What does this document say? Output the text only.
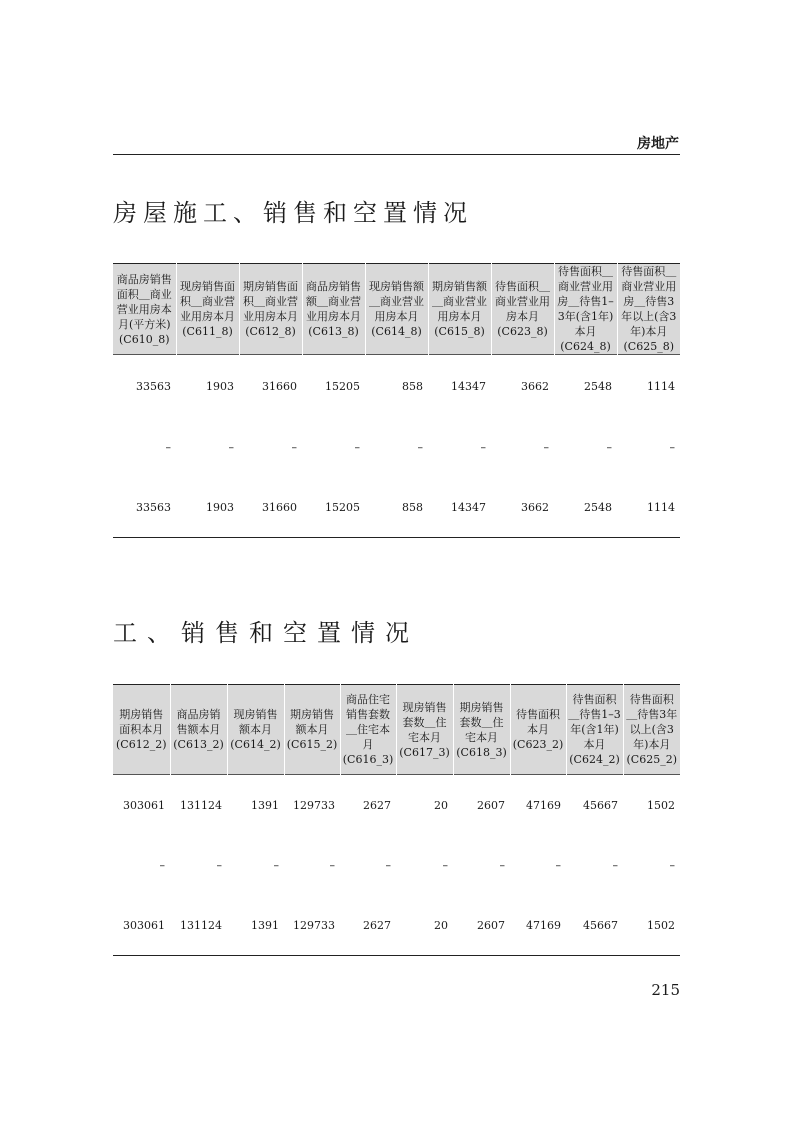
房地产
房屋施工、销售和空置情况
商品房销售面积＿商业营业用房本月(平方米)(C610_8)	现房销售面积＿商业营业用房本月(C611_8)	期房销售面积＿商业营业用房本月(C612_8)	商品房销售额＿商业营业用房本月(C613_8)	现房销售额＿商业营业用房本月(C614_8)	期房销售额＿商业营业用房本月(C615_8)	待售面积＿商业营业用房本月(C623_8)	待售面积＿商业营业用房＿待售1–3年(含1年)本月(C624_8)	待售面积＿商业营业用房＿待售3年以上(含3年)本月(C625_8)
33563	1903	31660	15205	858	14347	3662	2548	1114
–	–	–	–	–	–	–	–	–
33563	1903	31660	15205	858	14347	3662	2548	1114
工、销售和空置情况
期房销售面积本月(C612_2)	商品房销售额本月(C613_2)	现房销售额本月(C614_2)	期房销售额本月(C615_2)	商品住宅销售套数＿住宅本月(C616_3)	现房销售套数＿住宅本月(C617_3)	期房销售套数＿住宅本月(C618_3)	待售面积本月(C623_2)	待售面积＿待售1–3年(含1年)本月(C624_2)	待售面积＿待售3年以上(含3年)本月(C625_2)
303061	131124	1391	129733	2627	20	2607	47169	45667	1502
–	–	–	–	–	–	–	–	–	–
303061	131124	1391	129733	2627	20	2607	47169	45667	1502
215
